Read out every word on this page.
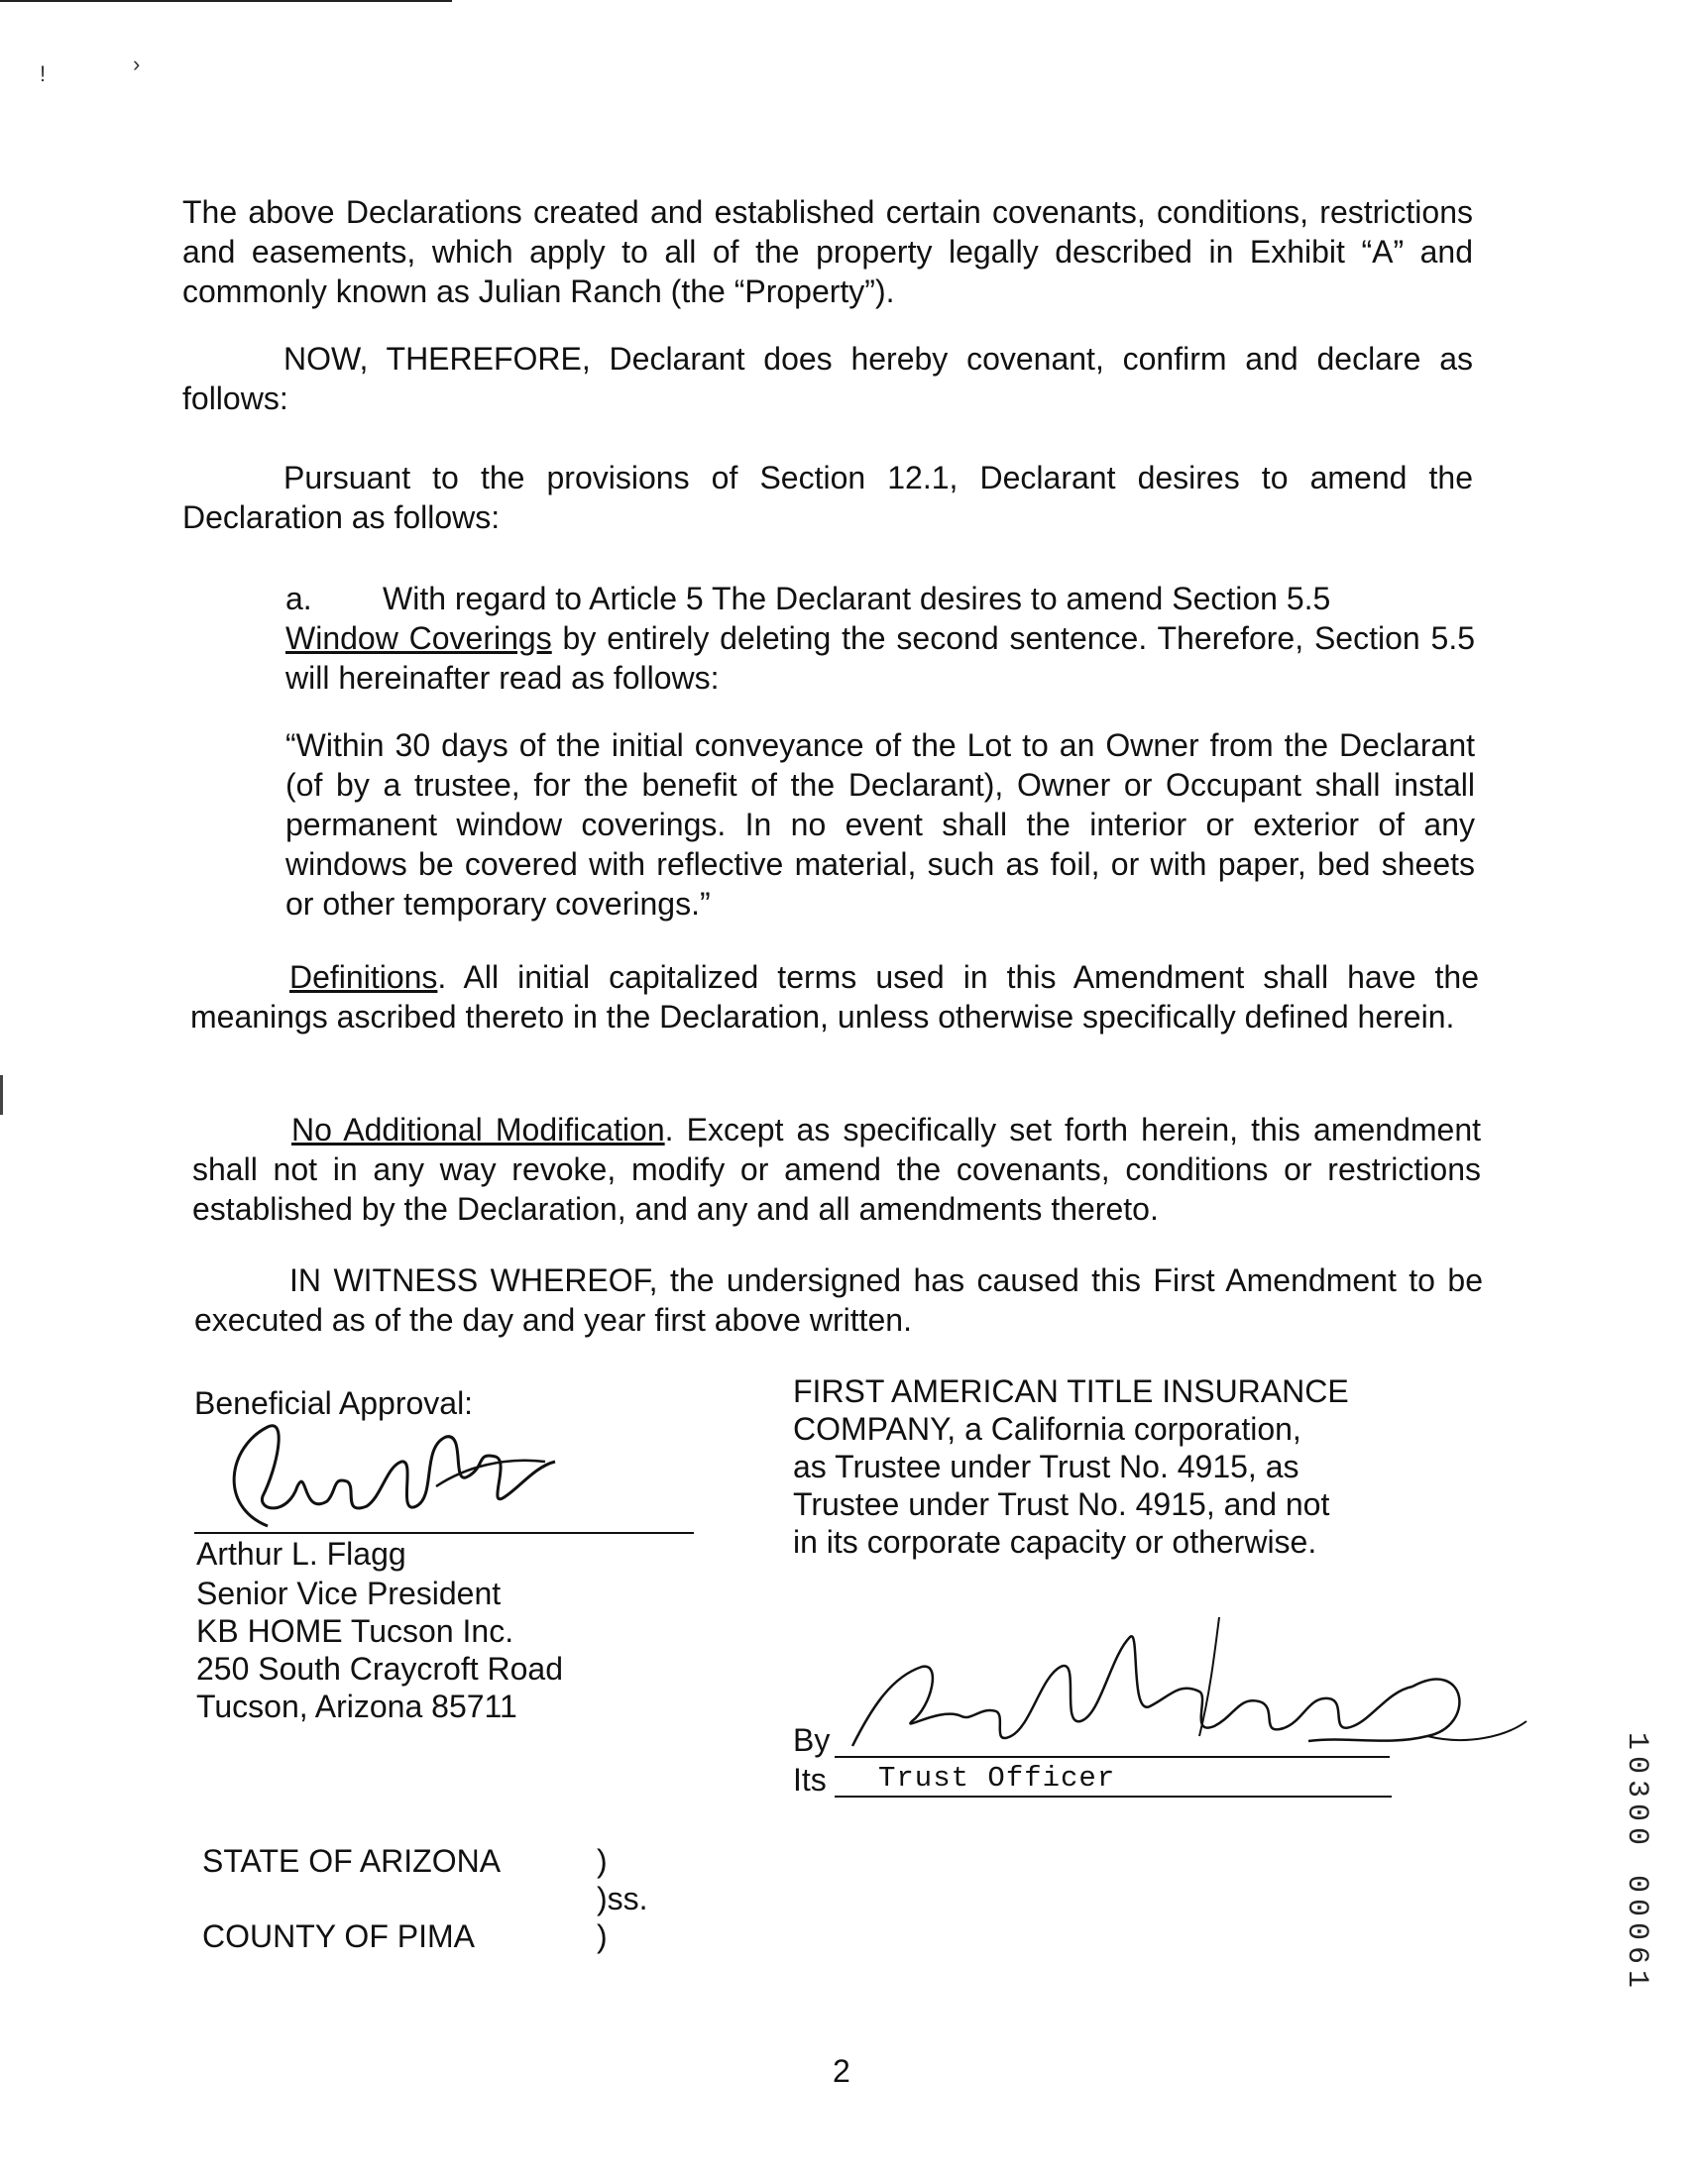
!	›

The above Declarations created and established certain covenants, conditions, restrictions and easements, which apply to all of the property legally described in Exhibit “A” and commonly known as Julian Ranch (the “Property”).

NOW, THEREFORE, Declarant does hereby covenant, confirm and declare as follows:

Pursuant to the provisions of Section 12.1, Declarant desires to amend the Declaration as follows:

a. With regard to Article 5 The Declarant desires to amend Section 5.5

Window Coverings by entirely deleting the second sentence. Therefore, Section 5.5 will hereinafter read as follows:

“Within 30 days of the initial conveyance of the Lot to an Owner from the Declarant (of by a trustee, for the benefit of the Declarant), Owner or Occupant shall install permanent window coverings. In no event shall the interior or exterior of any windows be covered with reflective material, such as foil, or with paper, bed sheets or other temporary coverings.”

Definitions. All initial capitalized terms used in this Amendment shall have the meanings ascribed thereto in the Declaration, unless otherwise specifically defined herein.

No Additional Modification. Except as specifically set forth herein, this amendment shall not in any way revoke, modify or amend the covenants, conditions or restrictions established by the Declaration, and any and all amendments thereto.

IN WITNESS WHEREOF, the undersigned has caused this First Amendment to be executed as of the day and year first above written.

Beneficial Approval:
Arthur L. Flagg
Senior Vice President
KB HOME Tucson Inc.
250 South Craycroft Road
Tucson, Arizona 85711
FIRST AMERICAN TITLE INSURANCE
COMPANY, a California corporation,
as Trustee under Trust No. 4915, as
Trustee under Trust No. 4915, and not
in its corporate capacity or otherwise.
By
Its Trust Officer
STATE OF ARIZONA	)
)ss.
COUNTY OF PIMA	)	10300 00061
2
